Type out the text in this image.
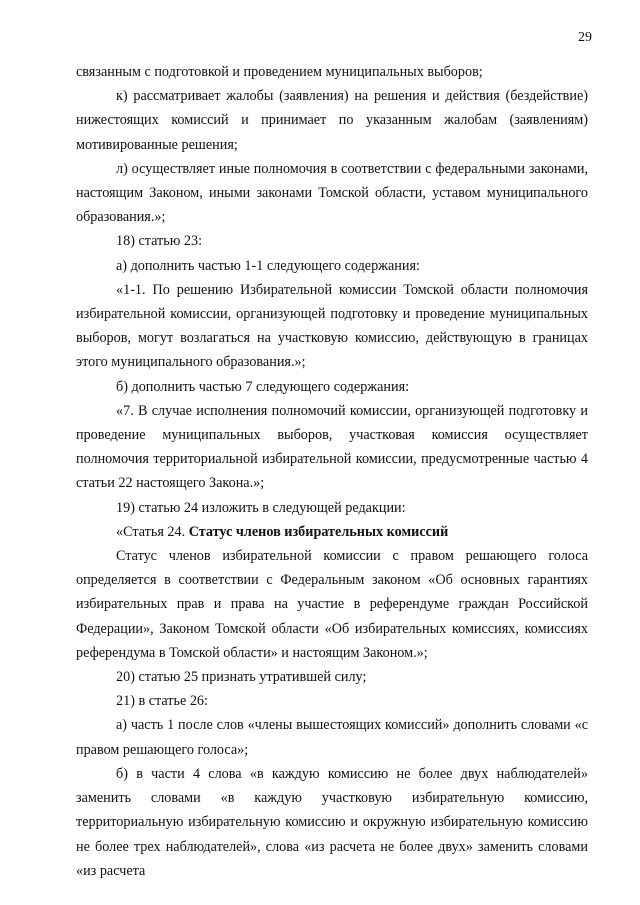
29

связанным с подготовкой и проведением муниципальных выборов;

к) рассматривает жалобы (заявления) на решения и действия (бездействие) нижестоящих комиссий и принимает по указанным жалобам (заявлениям) мотивированные решения;

л) осуществляет иные полномочия в соответствии с федеральными законами, настоящим Законом, иными законами Томской области, уставом муниципального образования.»;

18) статью 23:

а) дополнить частью 1-1 следующего содержания:

«1-1. По решению Избирательной комиссии Томской области полномочия избирательной комиссии, организующей подготовку и проведение муниципальных выборов, могут возлагаться на участковую комиссию, действующую в границах этого муниципального образования.»;

б) дополнить частью 7 следующего содержания:

«7. В случае исполнения полномочий комиссии, организующей подготовку и проведение муниципальных выборов, участковая комиссия осуществляет полномочия территориальной избирательной комиссии, предусмотренные частью 4 статьи 22 настоящего Закона.»;

19) статью 24 изложить в следующей редакции:

«Статья 24. Статус членов избирательных комиссий

Статус членов избирательной комиссии с правом решающего голоса определяется в соответствии с Федеральным законом «Об основных гарантиях избирательных прав и права на участие в референдуме граждан Российской Федерации», Законом Томской области «Об избирательных комиссиях, комиссиях референдума в Томской области» и настоящим Законом.»;

20) статью 25 признать утратившей силу;

21) в статье 26:

а) часть 1 после слов «члены вышестоящих комиссий» дополнить словами «с правом решающего голоса»;

б) в части 4 слова «в каждую комиссию не более двух наблюдателей» заменить словами «в каждую участковую избирательную комиссию, территориальную избирательную комиссию и окружную избирательную комиссию не более трех наблюдателей», слова «из расчета не более двух» заменить словами «из расчета
